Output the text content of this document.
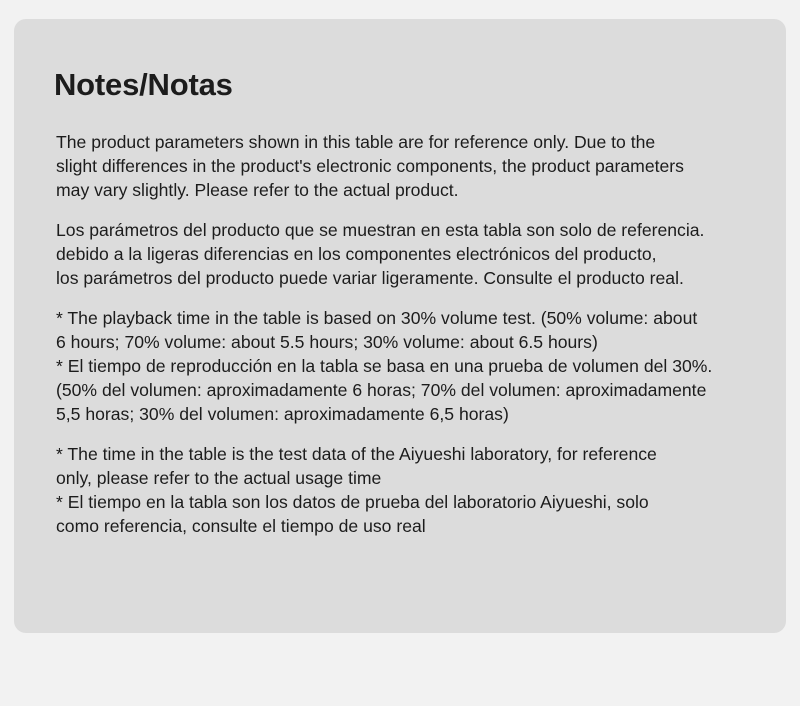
Notes/Notas

The product parameters shown in this table are for reference only. Due to the
slight differences in the product's electronic components, the product parameters
may vary slightly. Please refer to the actual product.

Los parámetros del producto que se muestran en esta tabla son solo de referencia.
debido a la ligeras diferencias en los componentes electrónicos del producto,
los parámetros del producto puede variar ligeramente. Consulte el producto real.

* The playback time in the table is based on 30% volume test. (50% volume: about
6 hours; 70% volume: about 5.5 hours; 30% volume: about 6.5 hours)
* El tiempo de reproducción en la tabla se basa en una prueba de volumen del 30%.
(50% del volumen: aproximadamente 6 horas; 70% del volumen: aproximadamente
5,5 horas; 30% del volumen: aproximadamente 6,5 horas)

* The time in the table is the test data of the Aiyueshi laboratory, for reference
only, please refer to the actual usage time
* El tiempo en la tabla son los datos de prueba del laboratorio Aiyueshi, solo
como referencia, consulte el tiempo de uso real
